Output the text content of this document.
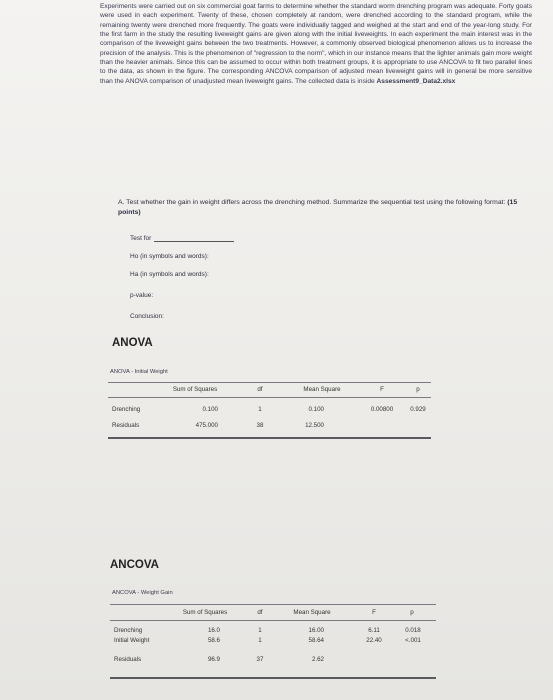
Experiments were carried out on six commercial goat farms to determine whether the standard worm drenching program was adequate. Forty goats were used in each experiment. Twenty of these, chosen completely at random, were drenched according to the standard program, while the remaining twenty were drenched more frequently. The goats were individually tagged and weighed at the start and end of the year-long study. For the first farm in the study the resulting liveweight gains are given along with the initial liveweights. In each experiment the main interest was in the comparison of the liveweight gains between the two treatments. However, a commonly observed biological phenomenon allows us to increase the precision of the analysis. This is the phenomenon of "regression to the norm", which in our instance means that the lighter animals gain more weight than the heavier animals. Since this can be assumed to occur within both treatment groups, it is appropriate to use ANCOVA to fit two parallel lines to the data, as shown in the figure. The corresponding ANCOVA comparison of adjusted mean liveweight gains will in general be more sensitive than the ANOVA comparison of unadjusted mean liveweight gains. The collected data is inside Assessment9_Data2.xlsx
A. Test whether the gain in weight differs across the drenching method. Summarize the sequential test using the following format: (15 points)
Test for
Ho (in symbols and words):
Ha (in symbols and words):
p-value:
Conclusion:
ANOVA
ANOVA - Initial Weight
Sum of Squares	df	Mean Square	F	p
Drenching	0.100	1	0.100	0.00800	0.929
Residuals	475.000	38	12.500
ANCOVA
ANCOVA - Weight Gain
Sum of Squares	df	Mean Square	F	p
Drenching	16.0	1	16.00	6.11	0.018
Initial Weight	58.6	1	58.64	22.40	<.001
Residuals	96.9	37	2.62
